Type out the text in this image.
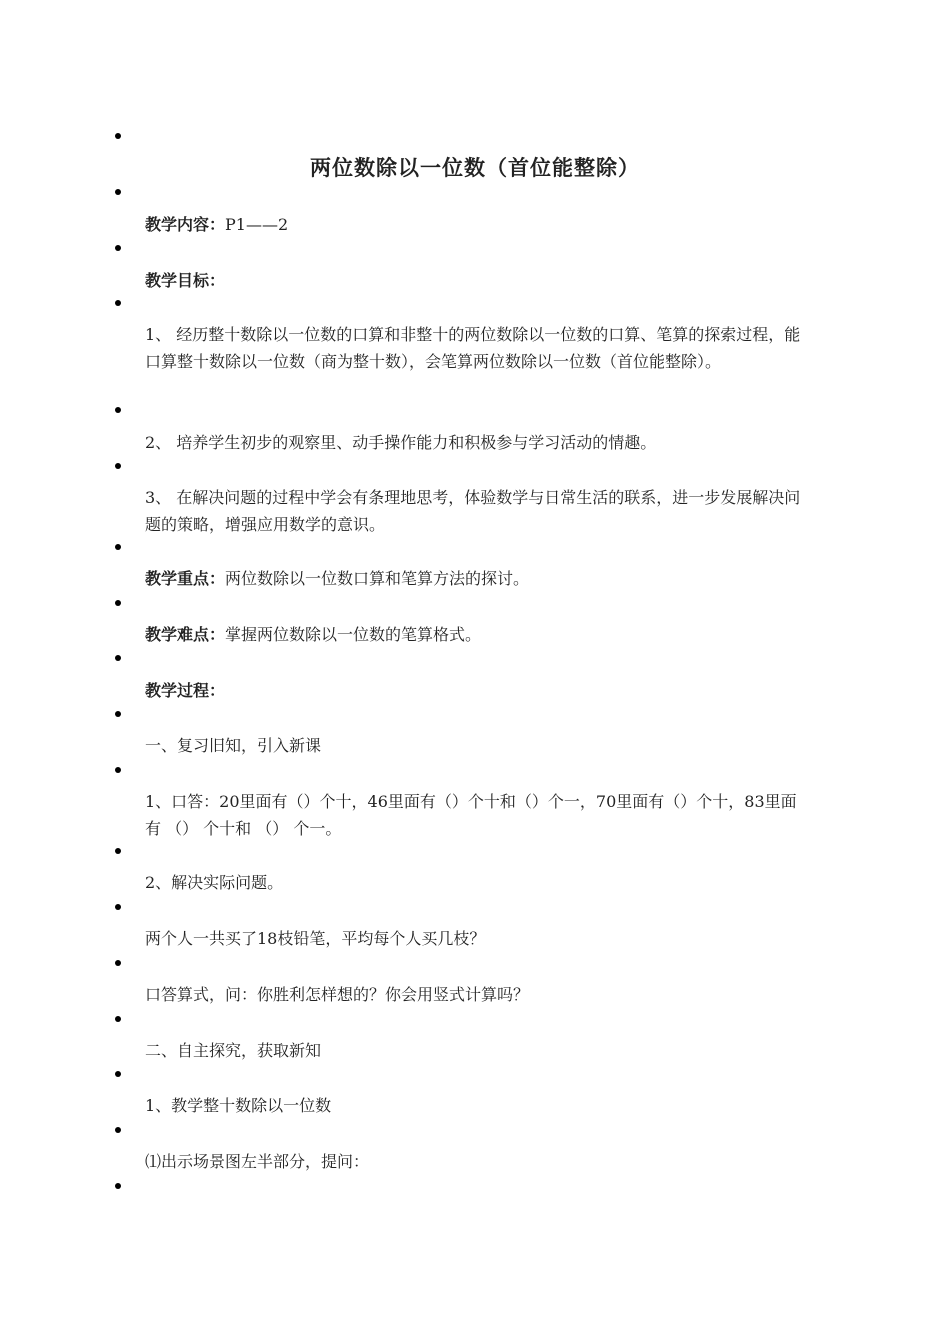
两位数除以一位数（首位能整除）

教学内容：P1——2

教学目标：

1、 经历整十数除以一位数的口算和非整十的两位数除以一位数的口算、笔算的探索过程，能口算整十数除以一位数（商为整十数），会笔算两位数除以一位数（首位能整除）。

2、 培养学生初步的观察里、动手操作能力和积极参与学习活动的情趣。

3、 在解决问题的过程中学会有条理地思考，体验数学与日常生活的联系，进一步发展解决问题的策略，增强应用数学的意识。

教学重点：两位数除以一位数口算和笔算方法的探讨。

教学难点：掌握两位数除以一位数的笔算格式。

教学过程：

一、复习旧知，引入新课

1、口答：20里面有（）个十，46里面有（）个十和（）个一，70里面有（）个十，83里面有 （） 个十和 （） 个一。

2、解决实际问题。

两个人一共买了18枝铅笔，平均每个人买几枝？

口答算式，问：你胜利怎样想的？你会用竖式计算吗？

二、自主探究，获取新知

1、教学整十数除以一位数

⑴出示场景图左半部分，提问：
